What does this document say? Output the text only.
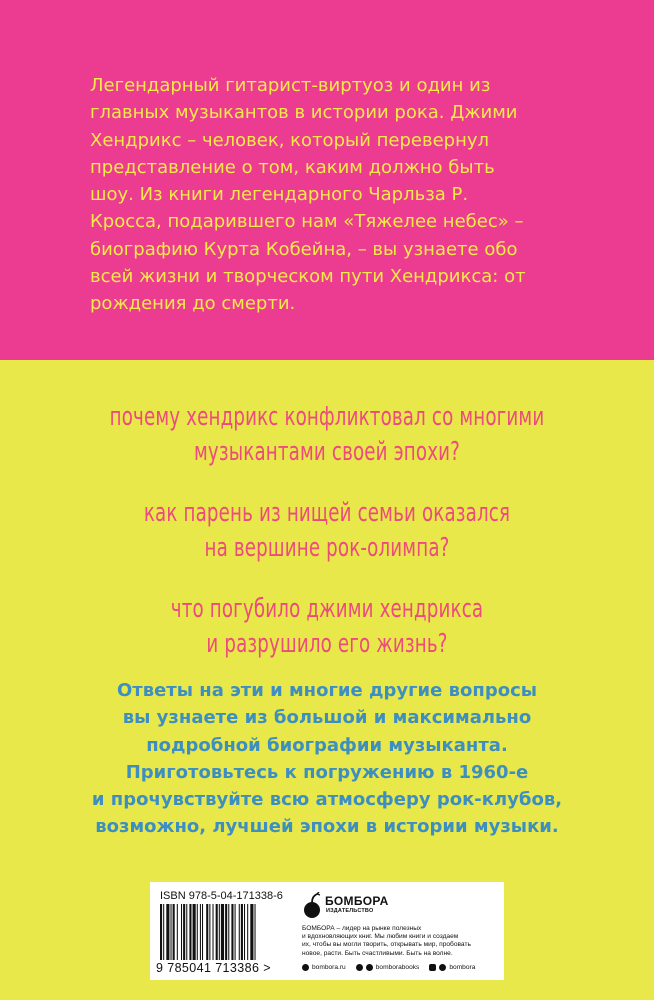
Легендарный гитарист-виртуоз и один из
главных музыкантов в истории рока. Джими
Хендрикс – человек, который перевернул
представление о том, каким должно быть
шоу. Из книги легендарного Чарльза Р.
Кросса, подарившего нам «Тяжелее небес» –
биографию Курта Кобейна, – вы узнаете обо
всей жизни и творческом пути Хендрикса: от
рождения до смерти.
почему хендрикс конфликтовал со многими
музыкантами своей эпохи?
как парень из нищей семьи оказался
на вершине рок-олимпа?
что погубило джими хендрикса
и разрушило его жизнь?
Ответы на эти и многие другие вопросы
вы узнаете из большой и максимально
подробной биографии музыканта.
Приготовьтесь к погружению в 1960-е
и прочувствуйте всю атмосферу рок-клубов,
возможно, лучшей эпохи в истории музыки.
ISBN 978-5-04-171338-6
9 785041 713386 >
БОМБОРА
ИЗДАТЕЛЬСТВО
БОМБОРА – лидер на рынке полезных
и вдохновляющих книг. Мы любим книги и создаем
их, чтобы вы могли творить, открывать мир, пробовать
новое, расти. Быть счастливыми. Быть на волне.
bombora.ru	bomborabooks	bombora
